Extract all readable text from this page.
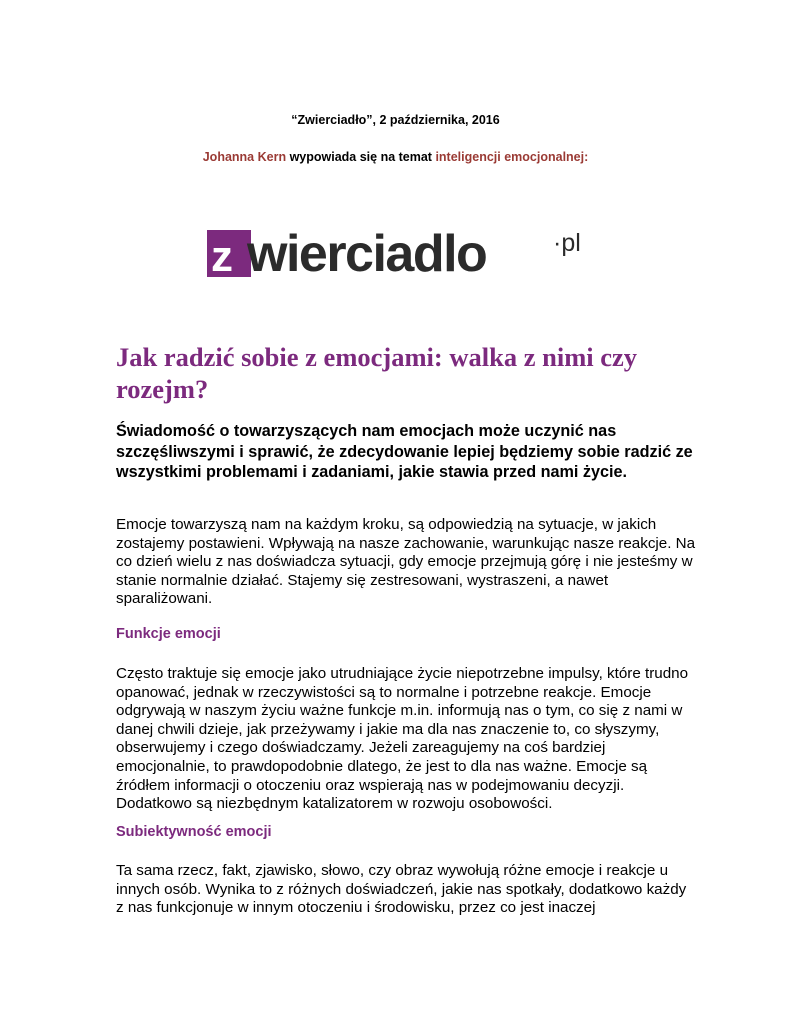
“Zwierciadło”, 2 października, 2016
Johanna Kern wypowiada się na temat inteligencji emocjonalnej:
z wierciadlo	·pl
Jak radzić sobie z emocjami: walka z nimi czy rozejm?

Świadomość o towarzyszących nam emocjach może uczynić nas szczęśliwszymi i sprawić, że zdecydowanie lepiej będziemy sobie radzić ze wszystkimi problemami i zadaniami, jakie stawia przed nami życie.

Emocje towarzyszą nam na każdym kroku, są odpowiedzią na sytuacje, w jakich zostajemy postawieni. Wpływają na nasze zachowanie, warunkując nasze reakcje. Na co dzień wielu z nas doświadcza sytuacji, gdy emocje przejmują górę i nie jesteśmy w stanie normalnie działać. Stajemy się zestresowani, wystraszeni, a nawet sparaliżowani.

Funkcje emocji

Często traktuje się emocje jako utrudniające życie niepotrzebne impulsy, które trudno opanować, jednak w rzeczywistości są to normalne i potrzebne reakcje. Emocje odgrywają w naszym życiu ważne funkcje m.in. informują nas o tym, co się z nami w danej chwili dzieje, jak przeżywamy i jakie ma dla nas znaczenie to, co słyszymy, obserwujemy i czego doświadczamy. Jeżeli zareagujemy na coś bardziej emocjonalnie, to prawdopodobnie dlatego, że jest to dla nas ważne. Emocje są źródłem informacji o otoczeniu oraz wspierają nas w podejmowaniu decyzji. Dodatkowo są niezbędnym katalizatorem w rozwoju osobowości.

Subiektywność emocji

Ta sama rzecz, fakt, zjawisko, słowo, czy obraz wywołują różne emocje i reakcje u innych osób. Wynika to z różnych doświadczeń, jakie nas spotkały, dodatkowo każdy z nas funkcjonuje w innym otoczeniu i środowisku, przez co jest inaczej
